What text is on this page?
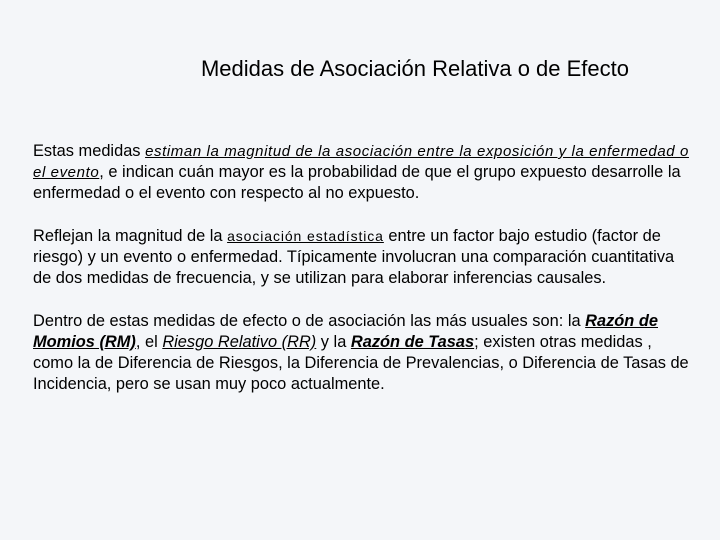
Medidas de Asociación Relativa o de Efecto

Estas medidas estiman la magnitud de la asociación entre la exposición y la enfermedad o el evento, e indican cuán mayor es la probabilidad de que el grupo expuesto desarrolle la enfermedad o el evento con respecto al no expuesto.

Reflejan la magnitud de la asociación estadística entre un factor bajo estudio (factor de riesgo) y un evento o enfermedad. Típicamente involucran una comparación cuantitativa de dos medidas de frecuencia, y se utilizan para elaborar inferencias causales.

Dentro de estas medidas de efecto o de asociación las más usuales son: la Razón de Momios (RM), el Riesgo Relativo (RR) y la Razón de Tasas; existen otras medidas , como la de Diferencia de Riesgos, la Diferencia de Prevalencias, o Diferencia de Tasas de Incidencia, pero se usan muy poco actualmente.
